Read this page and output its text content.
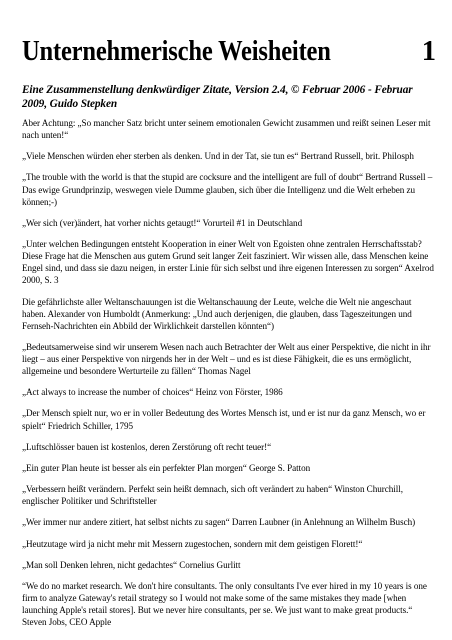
Unternehmerische Weisheiten	1
Eine Zusammenstellung denkwürdiger Zitate, Version 2.4, © Februar 2006 - Februar 2009, Guido Stepken

Aber Achtung: „So mancher Satz bricht unter seinem emotionalen Gewicht zusammen und reißt seinen Leser mit nach unten!“

„Viele Menschen würden eher sterben als denken. Und in der Tat, sie tun es“ Bertrand Russell, brit. Philosph

„The trouble with the world is that the stupid are cocksure and the intelligent are full of doubt“ Bertrand Russell – Das ewige Grundprinzip, weswegen viele Dumme glauben, sich über die Intelligenz und die Welt erheben zu können;-)

„Wer sich (ver)ändert, hat vorher nichts getaugt!“ Vorurteil #1 in Deutschland

„Unter welchen Bedingungen entsteht Kooperation in einer Welt von Egoisten ohne zentralen Herrschaftsstab? Diese Frage hat die Menschen aus gutem Grund seit langer Zeit fasziniert. Wir wissen alle, dass Menschen keine Engel sind, und dass sie dazu neigen, in erster Linie für sich selbst und ihre eigenen Interessen zu sorgen“ Axelrod 2000, S. 3

Die gefährlichste aller Weltanschauungen ist die Weltanschauung der Leute, welche die Welt nie angeschaut haben. Alexander von Humboldt (Anmerkung: „Und auch derjenigen, die glauben, dass Tageszeitungen und Fernseh-Nachrichten ein Abbild der Wirklichkeit darstellen könnten“)

„Bedeutsamerweise sind wir unserem Wesen nach auch Betrachter der Welt aus einer Perspektive, die nicht in ihr liegt – aus einer Perspektive von nirgends her in der Welt – und es ist diese Fähigkeit, die es uns ermöglicht, allgemeine und besondere Werturteile zu fällen“ Thomas Nagel

„Act always to increase the number of choices“ Heinz von Förster, 1986

„Der Mensch spielt nur, wo er in voller Bedeutung des Wortes Mensch ist, und er ist nur da ganz Mensch, wo er spielt“ Friedrich Schiller, 1795

„Luftschlösser bauen ist kostenlos, deren Zerstörung oft recht teuer!“

„Ein guter Plan heute ist besser als ein perfekter Plan morgen“ George S. Patton

„Verbessern heißt verändern. Perfekt sein heißt demnach, sich oft verändert zu haben“ Winston Churchill, englischer Politiker und Schriftsteller

„Wer immer nur andere zitiert, hat selbst nichts zu sagen“ Darren Laubner (in Anlehnung an Wilhelm Busch)

„Heutzutage wird ja nicht mehr mit Messern zugestochen, sondern mit dem geistigen Florett!“

„Man soll Denken lehren, nicht gedachtes“ Cornelius Gurlitt

“We do no market research. We don't hire consultants. The only consultants I've ever hired in my 10 years is one firm to analyze Gateway's retail strategy so I would not make some of the same mistakes they made [when launching Apple's retail stores]. But we never hire consultants, per se. We just want to make great products.“ Steven Jobs, CEO Apple
